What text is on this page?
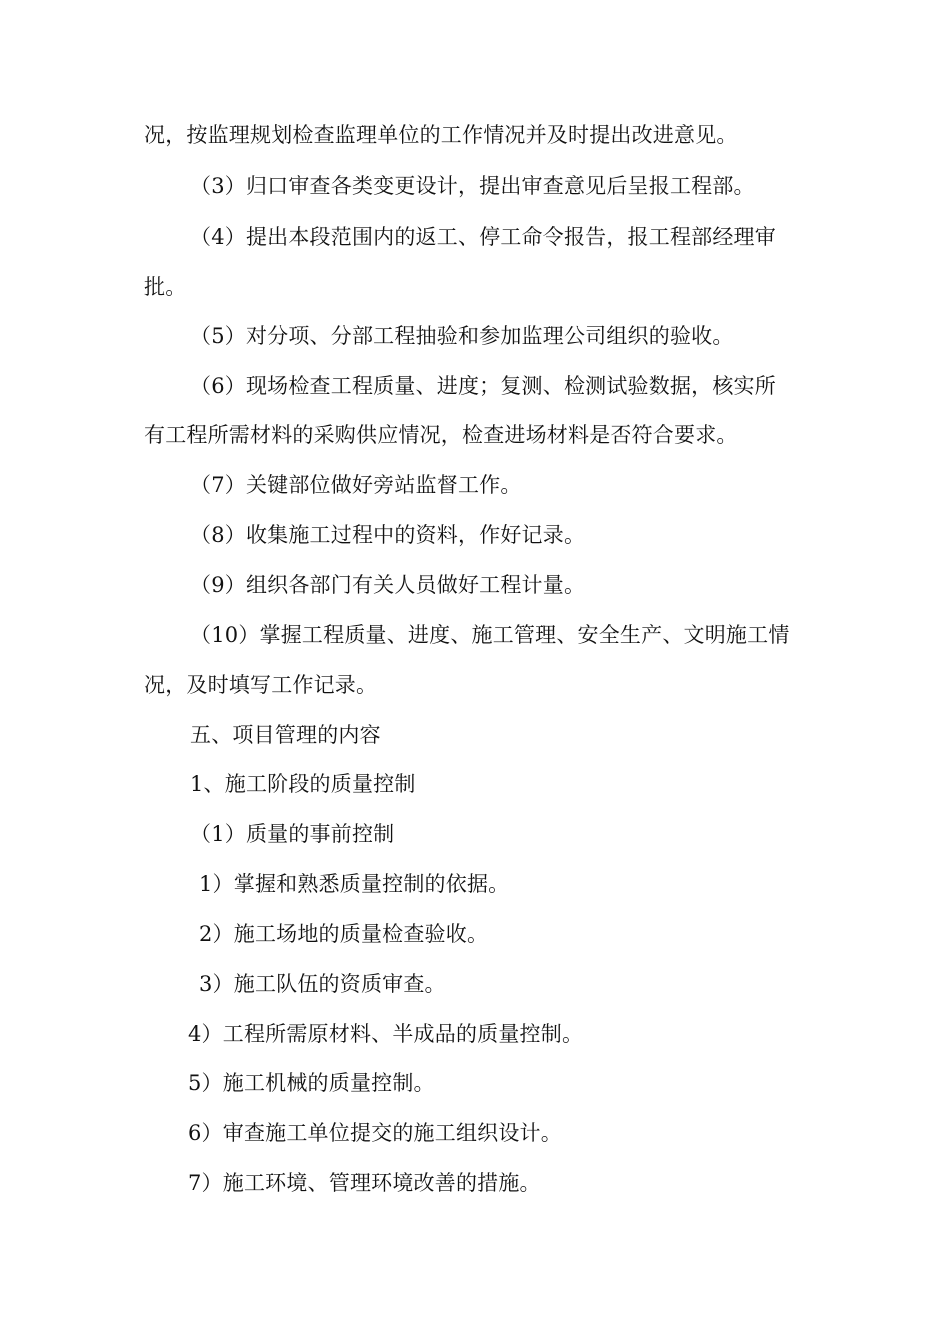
况，按监理规划检查监理单位的工作情况并及时提出改进意见。
（3）归口审查各类变更设计，提出审查意见后呈报工程部。
（4）提出本段范围内的返工、停工命令报告，报工程部经理审
批。
（5）对分项、分部工程抽验和参加监理公司组织的验收。
（6）现场检查工程质量、进度；复测、检测试验数据，核实所
有工程所需材料的采购供应情况，检查进场材料是否符合要求。
（7）关键部位做好旁站监督工作。
（8）收集施工过程中的资料，作好记录。
（9）组织各部门有关人员做好工程计量。
（10）掌握工程质量、进度、施工管理、安全生产、文明施工情
况，及时填写工作记录。
五、项目管理的内容
1、施工阶段的质量控制
（1）质量的事前控制
1）掌握和熟悉质量控制的依据。
2）施工场地的质量检查验收。
3）施工队伍的资质审查。
4）工程所需原材料、半成品的质量控制。
5）施工机械的质量控制。
6）审查施工单位提交的施工组织设计。
7）施工环境、管理环境改善的措施。
